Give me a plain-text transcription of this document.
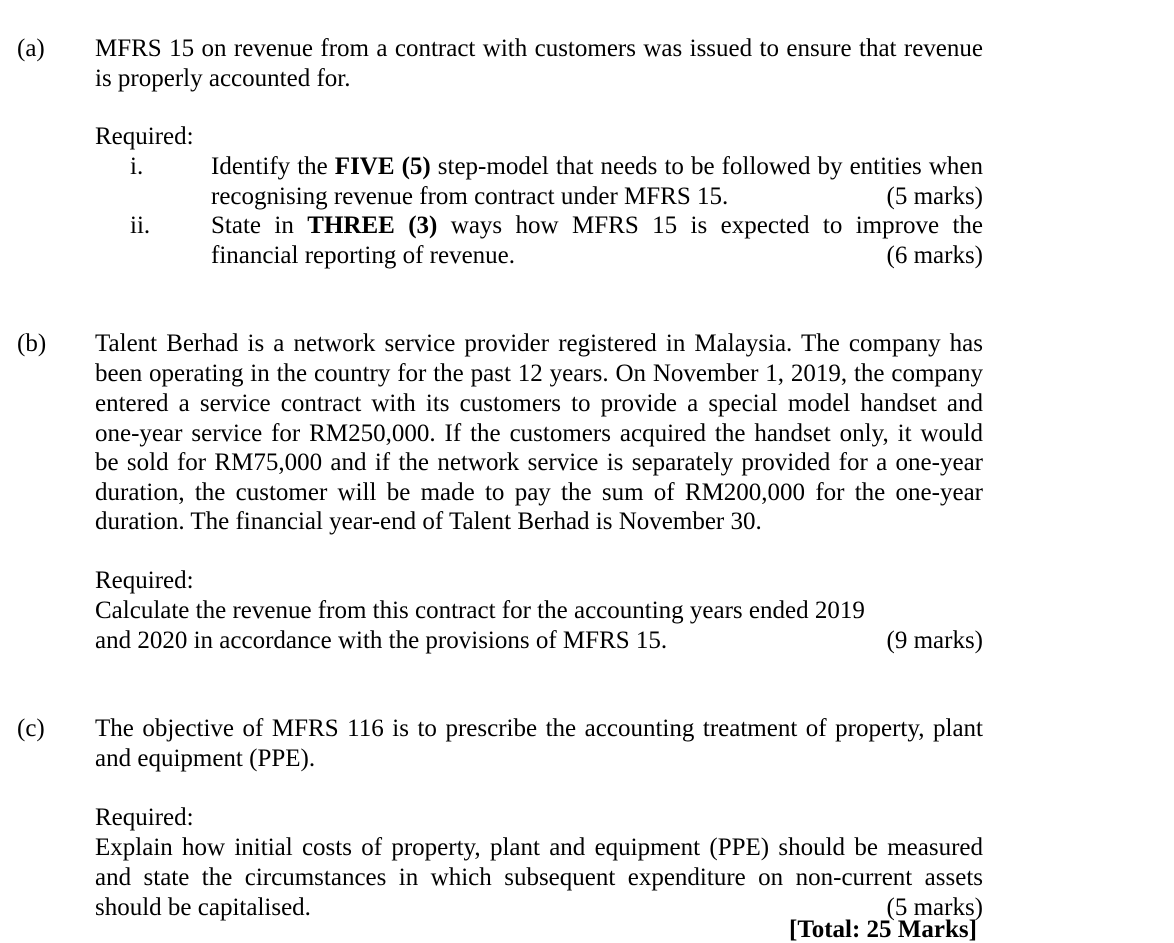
(a) MFRS 15 on revenue from a contract with customers was issued to ensure that revenue
is properly accounted for.
Required:
i.	Identify the FIVE (5) step-model that needs to be followed by entities when
recognising revenue from contract under MFRS 15.	(5 marks)
ii. State in THREE (3) ways how MFRS 15 is expected to improve the
financial reporting of revenue.	(6 marks)
(b) Talent Berhad is a network service provider registered in Malaysia. The company has
been operating in the country for the past 12 years. On November 1, 2019, the company
entered a service contract with its customers to provide a special model handset and
one-year service for RM250,000. If the customers acquired the handset only, it would
be sold for RM75,000 and if the network service is separately provided for a one-year
duration, the customer will be made to pay the sum of RM200,000 for the one-year
duration. The financial year-end of Talent Berhad is November 30.
Required:
Calculate the revenue from this contract for the accounting years ended 2019
and 2020 in accordance with the provisions of MFRS 15.	(9 marks)
(c) The objective of MFRS 116 is to prescribe the accounting treatment of property, plant
and equipment (PPE).
Required:
Explain how initial costs of property, plant and equipment (PPE) should be measured
and state the circumstances in which subsequent expenditure on non-current assets
should be capitalised.	(5 marks)
[Total: 25 Marks]
